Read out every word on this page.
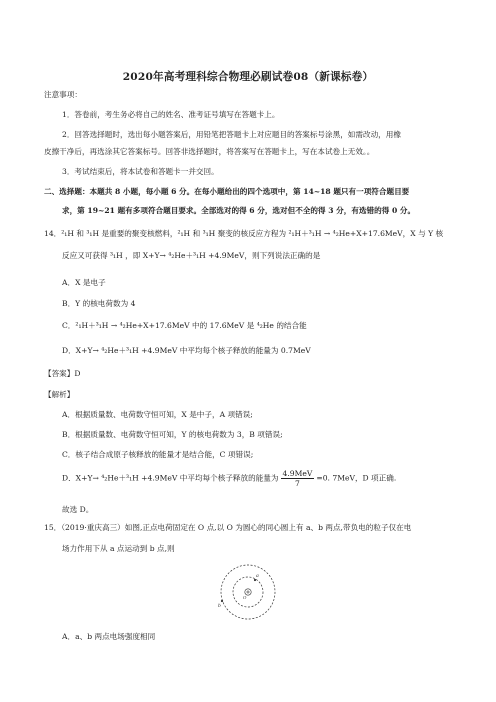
2020年高考理科综合物理必刷试卷08（新课标卷）
注意事项：
1．答卷前，考生务必将自己的姓名、准考证号填写在答题卡上。
2．回答选择题时，选出每小题答案后，用铅笔把答题卡上对应题目的答案标号涂黑，如需改动，用橡
皮擦干净后，再选涂其它答案标号。回答非选择题时，将答案写在答题卡上，写在本试卷上无效。。
3．考试结束后，将本试卷和答题卡一并交回。
二、选择题：本题共 8 小题，每小题 6 分。在每小题给出的四个选项中，第 14~18 题只有一项符合题目要
求，第 19~21 题有多项符合题目要求。全部选对的得 6 分，选对但不全的得 3 分，有选错的得 0 分。
14．²₁H 和 ³₁H 是重要的聚变核燃料，²₁H 和 ³₁H 聚变的核反应方程为 ²₁H＋³₁H → ⁴₂He+X+17.6MeV，X 与 Y 核
反应又可获得 ³₁H ，即 X+Y→ ⁴₂He＋³₁H +4.9MeV，则下列说法正确的是
A．X 是电子
B．Y 的核电荷数为 4
C．²₁H＋³₁H → ⁴₂He+X+17.6MeV 中的 17.6MeV 是 ⁴₂He 的结合能
D．X+Y→ ⁴₂He＋³₁H +4.9MeV 中平均每个核子释放的能量为 0.7MeV
【答案】D
【解析】
A．根据质量数、电荷数守恒可知，X 是中子，A 项错误;
B．根据质量数、电荷数守恒可知，Y 的核电荷数为 3，B 项错误;
C．核子结合成原子核释放的能量才是结合能，C 项错误;
D．X+Y→ ⁴₂He＋³₁H +4.9MeV 中平均每个核子释放的能量为 $\frac{\text{4.9MeV}}{7} =0$. 7MeV，D 项正确.
故选 D。
15．（2019·重庆高三）如图,正点电荷固定在 O 点,以 O 为圆心的同心圆上有 a、b 两点,带负电的粒子仅在电
场力作用下从 a 点运动到 b 点,则
a
b
O
A．a、b 两点电场强度相同
